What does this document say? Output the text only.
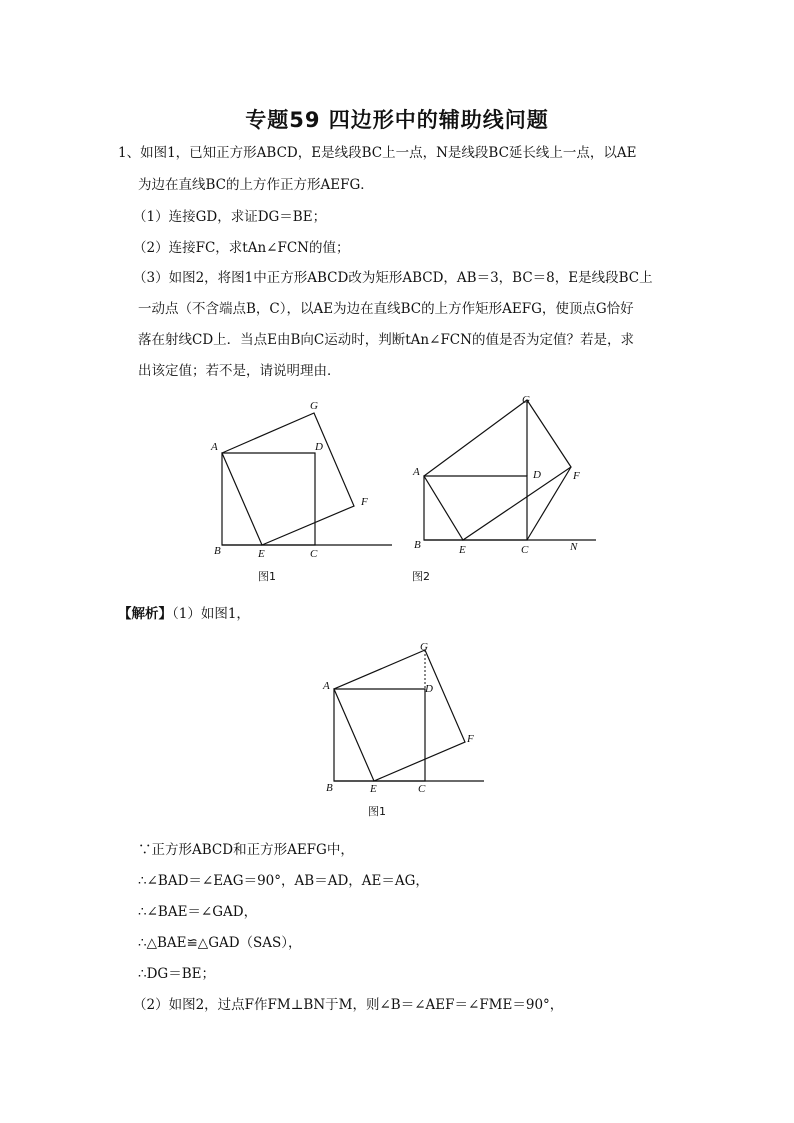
专题59 四边形中的辅助线问题
1、如图1，已知正方形ABCD，E是线段BC上一点，N是线段BC延长线上一点，以AE
为边在直线BC的上方作正方形AEFG．
（1）连接GD，求证DG＝BE；
（2）连接FC，求tAn∠FCN的值；
（3）如图2，将图1中正方形ABCD改为矩形ABCD，AB＝3，BC＝8，E是线段BC上
一动点（不含端点B，C），以AE为边在直线BC的上方作矩形AEFG，使顶点G恰好
落在射线CD上．当点E由B向C运动时，判断tAn∠FCN的值是否为定值？若是，求
出该定值；若不是，请说明理由．
A
B	C
D
E
F
G
图1
A
B	C
D
E
F
G
N
图2
A
B	C
D
E
F
G
图1
【解析】（1）如图1，
∵正方形ABCD和正方形AEFG中，
∴∠BAD＝∠EAG＝90°，AB＝AD，AE＝AG，
∴∠BAE＝∠GAD，
∴△BAE≌△GAD（SAS），
∴DG＝BE；
（2）如图2，过点F作FM⊥BN于M，则∠B＝∠AEF＝∠FME＝90°，
